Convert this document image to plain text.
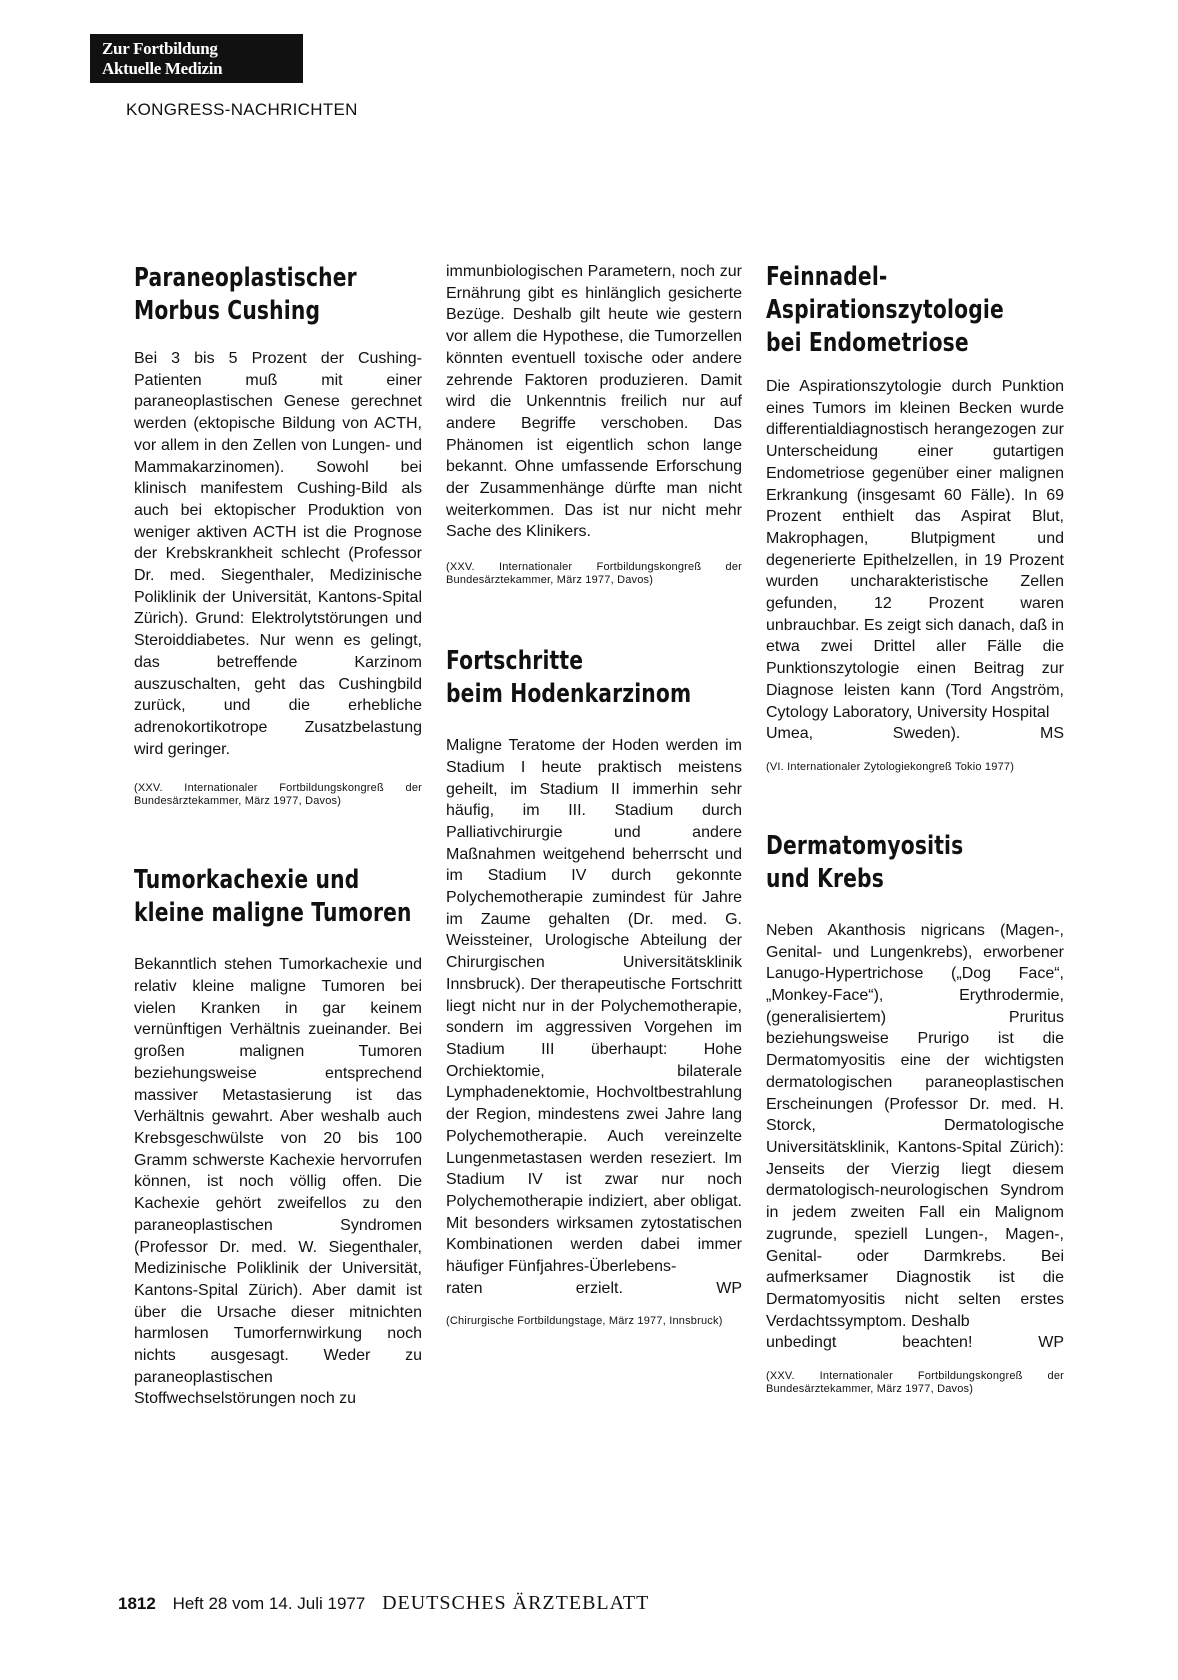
Zur Fortbildung
Aktuelle Medizin
KONGRESS-NACHRICHTEN
Paraneoplastischer
Morbus Cushing

Bei 3 bis 5 Prozent der Cushing-Patienten muß mit einer paraneoplastischen Genese gerechnet werden (ektopische Bildung von ACTH, vor allem in den Zellen von Lungen- und Mammakarzinomen). Sowohl bei klinisch manifestem Cushing-Bild als auch bei ektopischer Produktion von weniger aktiven ACTH ist die Prognose der Krebskrankheit schlecht (Professor Dr. med. Siegenthaler, Medizinische Poliklinik der Universität, Kantons-Spital Zürich). Grund: Elektrolytstörungen und Steroiddiabetes. Nur wenn es gelingt, das betreffende Karzinom auszuschalten, geht das Cushingbild zurück, und die erhebliche adrenokortikotrope Zusatzbelastung wird geringer.

(XXV. Internationaler Fortbildungskongreß der Bundesärztekammer, März 1977, Davos)

Tumorkachexie und
kleine maligne Tumoren

Bekanntlich stehen Tumorkachexie und relativ kleine maligne Tumoren bei vielen Kranken in gar keinem vernünftigen Verhältnis zueinander. Bei großen malignen Tumoren beziehungsweise entsprechend massiver Metastasierung ist das Verhältnis gewahrt. Aber weshalb auch Krebsgeschwülste von 20 bis 100 Gramm schwerste Kachexie hervorrufen können, ist noch völlig offen. Die Kachexie gehört zweifellos zu den paraneoplastischen Syndromen (Professor Dr. med. W. Siegenthaler, Medizinische Poliklinik der Universität, Kantons-Spital Zürich). Aber damit ist über die Ursache dieser mitnichten harmlosen Tumorfernwirkung noch nichts ausgesagt. Weder zu paraneoplastischen Stoffwechselstörungen noch zu

immunbiologischen Parametern, noch zur Ernährung gibt es hinlänglich gesicherte Bezüge. Deshalb gilt heute wie gestern vor allem die Hypothese, die Tumorzellen könnten eventuell toxische oder andere zehrende Faktoren produzieren. Damit wird die Unkenntnis freilich nur auf andere Begriffe verschoben. Das Phänomen ist eigentlich schon lange bekannt. Ohne umfassende Erforschung der Zusammenhänge dürfte man nicht weiterkommen. Das ist nur nicht mehr Sache des Klinikers.

(XXV. Internationaler Fortbildungskongreß der Bundesärztekammer, März 1977, Davos)

Fortschritte
beim Hodenkarzinom

Maligne Teratome der Hoden werden im Stadium I heute praktisch meistens geheilt, im Stadium II immerhin sehr häufig, im III. Stadium durch Palliativchirurgie und andere Maßnahmen weitgehend beherrscht und im Stadium IV durch gekonnte Polychemotherapie zumindest für Jahre im Zaume gehalten (Dr. med. G. Weissteiner, Urologische Abteilung der Chirurgischen Universitätsklinik Innsbruck). Der therapeutische Fortschritt liegt nicht nur in der Polychemotherapie, sondern im aggressiven Vorgehen im Stadium III überhaupt: Hohe Orchiektomie, bilaterale Lymphadenektomie, Hochvoltbestrahlung der Region, mindestens zwei Jahre lang Polychemotherapie. Auch vereinzelte Lungenmetastasen werden reseziert. Im Stadium IV ist zwar nur noch Polychemotherapie indiziert, aber obligat. Mit besonders wirksamen zytostatischen Kombinationen werden dabei immer häufiger Fünfjahres-Überlebens-

raten erzielt.	WP

(Chirurgische Fortbildungstage, März 1977, Innsbruck)

Feinnadel-
Aspirationszytologie
bei Endometriose

Die Aspirationszytologie durch Punktion eines Tumors im kleinen Becken wurde differentialdiagnostisch herangezogen zur Unterscheidung einer gutartigen Endometriose gegenüber einer malignen Erkrankung (insgesamt 60 Fälle). In 69 Prozent enthielt das Aspirat Blut, Makrophagen, Blutpigment und degenerierte Epithelzellen, in 19 Prozent wurden uncharakteristische Zellen gefunden, 12 Prozent waren unbrauchbar. Es zeigt sich danach, daß in etwa zwei Drittel aller Fälle die Punktionszytologie einen Beitrag zur Diagnose leisten kann (Tord Angström, Cytology Laboratory, University Hospital

Umea, Sweden).	MS

(VI. Internationaler Zytologiekongreß Tokio 1977)

Dermatomyositis
und Krebs

Neben Akanthosis nigricans (Magen-, Genital- und Lungenkrebs), erworbener Lanugo-Hypertrichose („Dog Face“, „Monkey-Face“), Erythrodermie, (generalisiertem) Pruritus beziehungsweise Prurigo ist die Dermatomyositis eine der wichtigsten dermatologischen paraneoplastischen Erscheinungen (Professor Dr. med. H. Storck, Dermatologische Universitätsklinik, Kantons-Spital Zürich): Jenseits der Vierzig liegt diesem dermatologisch-neurologischen Syndrom in jedem zweiten Fall ein Malignom zugrunde, speziell Lungen-, Magen-, Genital- oder Darmkrebs. Bei aufmerksamer Diagnostik ist die Dermatomyositis nicht selten erstes Verdachtssymptom. Deshalb

unbedingt beachten!	WP

(XXV. Internationaler Fortbildungskongreß der Bundesärztekammer, März 1977, Davos)

1812 Heft 28 vom 14. Juli 1977 DEUTSCHES ÄRZTEBLATT
